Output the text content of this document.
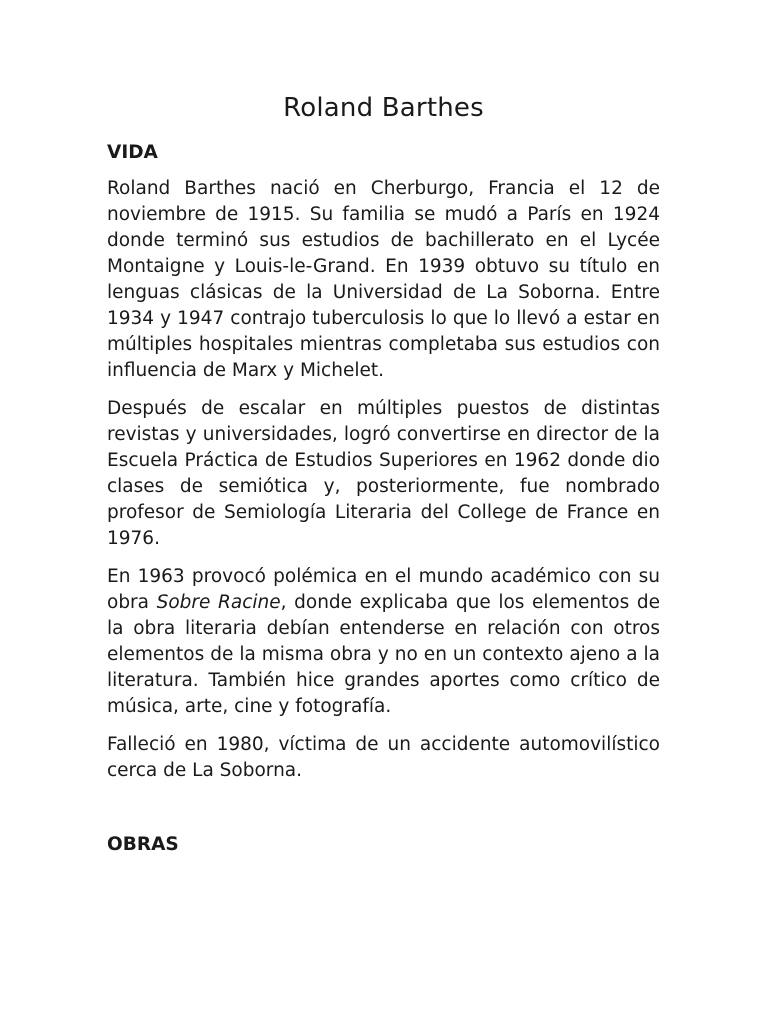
Roland Barthes
VIDA

Roland Barthes nació en Cherburgo, Francia el 12 de noviembre de 1915. Su familia se mudó a París en 1924 donde terminó sus estudios de bachillerato en el Lycée Montaigne y Louis-le-Grand. En 1939 obtuvo su título en lenguas clásicas de la Universidad de La Soborna. Entre 1934 y 1947 contrajo tuberculosis lo que lo llevó a estar en múltiples hospitales mientras completaba sus estudios con influencia de Marx y Michelet.

Después de escalar en múltiples puestos de distintas revistas y universidades, logró convertirse en director de la Escuela Práctica de Estudios Superiores en 1962 donde dio clases de semiótica y, posteriormente, fue nombrado profesor de Semiología Literaria del College de France en 1976.

En 1963 provocó polémica en el mundo académico con su obra Sobre Racine, donde explicaba que los elementos de la obra literaria debían entenderse en relación con otros elementos de la misma obra y no en un contexto ajeno a la literatura. También hice grandes aportes como crítico de música, arte, cine y fotografía.

Falleció en 1980, víctima de un accidente automovilístico cerca de La Soborna.

OBRAS
